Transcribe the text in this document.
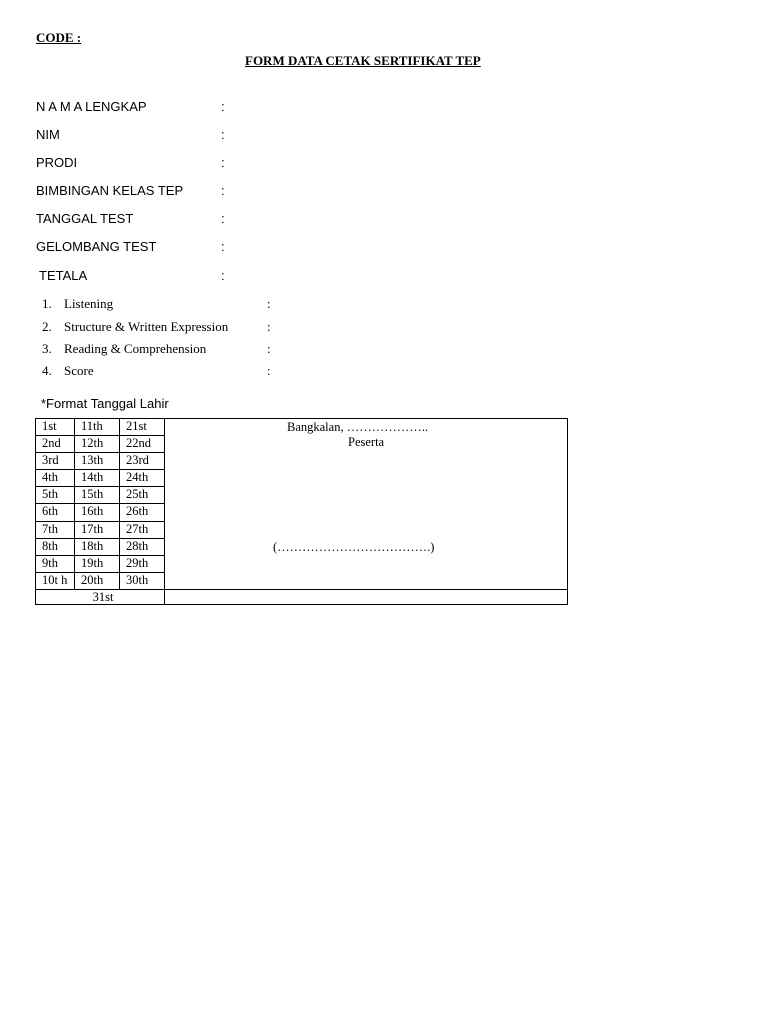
CODE :
FORM DATA CETAK SERTIFIKAT TEP
N A M A LENGKAP	:
NIM	:
PRODI	:
BIMBINGAN KELAS TEP	:
TANGGAL TEST	:
GELOMBANG TEST	:
TETALA	:
1. Listening	:
2. Structure & Written Expression	:
3. Reading & Comprehension	:
4. Score	:
*Format Tanggal Lahir
1st	11th	21st	Bangkalan, ………………..
Peserta
(……………………………….)

2nd	12th	22nd	
3rd	13th	23rd	
4th	14th	24th	
5th	15th	25th	
6th	16th	26th	
7th	17th	27th	
8th	18th	28th	
9th	19th	29th	
10t h	20th	30th	
31st			
